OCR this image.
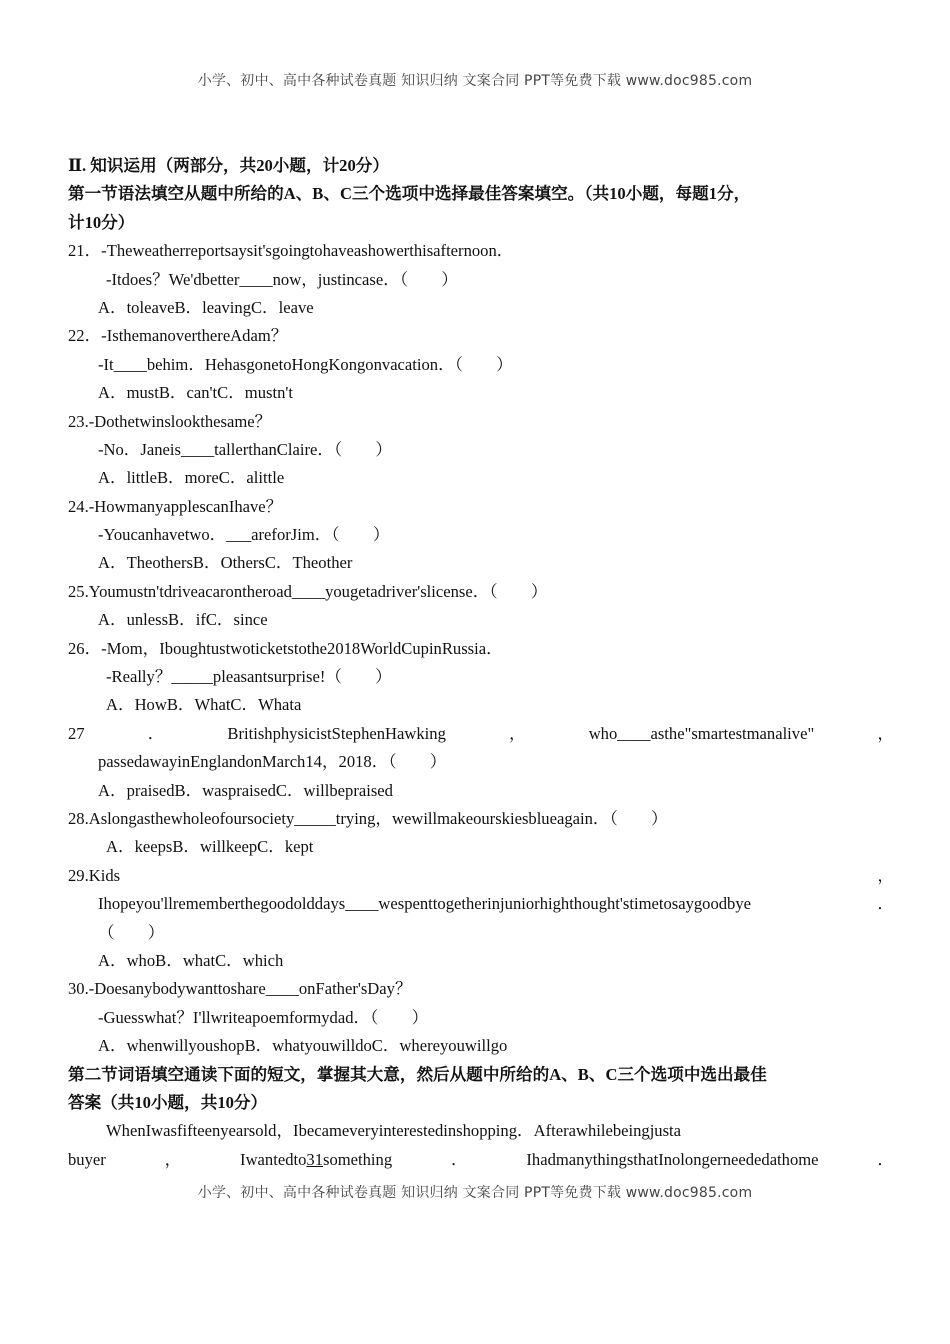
小学、初中、高中各种试卷真题 知识归纳 文案合同 PPT等免费下载 www.doc985.com
Ⅱ. 知识运用（两部分，共20小题，计20分）
第一节语法填空从题中所给的A、B、C三个选项中选择最佳答案填空。（共10小题，每题1分，
计10分）
21．-Theweatherreportsaysit'sgoingtohaveashowerthisafternoon．
-Itdoes？We'dbetter____now，justincase．（　　）
A．toleaveB．leavingC．leave
22．-IsthemanoverthereAdam？
-It____behim．HehasgonetoHongKongonvacation．（　　）
A．mustB．can'tC．mustn't
23.-Dothetwinslookthesame？
-No．Janeis____tallerthanClaire．（　　）
A．littleB．moreC．alittle
24.-HowmanyapplescanIhave？
-Youcanhavetwo．___areforJim．（　　）
A．TheothersB．OthersC．Theother
25.Youmustn'tdriveacarontheroad____yougetadriver'slicense．（　　）
A．unlessB．ifC．since
26．-Mom，Iboughtustwoticketstothe2018WorldCupinRussia．
-Really？_____pleasantsurprise!（　　）
A．HowB．WhatC．Whata
27	．	BritishphysicistStephenHawking	，	who____asthe"smartestmanalive"	，
passedawayinEnglandonMarch14，2018．（　　）
A．praisedB．waspraisedC．willbepraised
28.Aslongasthewholeofoursociety_____trying，wewillmakeourskiesblueagain．（　　）
A．keepsB．willkeepC．kept
29.Kids	，
Ihopeyou'llrememberthegoodolddays____wespenttogetherinjuniorhighthought'stimetosaygoodbye	．
（　　）
A．whoB．whatC．which
30.-Doesanybodywanttoshare____onFather'sDay？
-Guesswhat？I'llwriteapoemformydad．（　　）
A．whenwillyoushopB．whatyouwilldoC．whereyouwillgo
第二节词语填空通读下面的短文，掌握其大意，然后从题中所给的A、B、C三个选项中选出最佳
答案（共10小题，共10分）
WhenIwasfifteenyearsold，Ibecameveryinterestedinshopping．Afterawhilebeingjusta
buyer	，	Iwantedto31something	．	IhadmanythingsthatInolongerneededathome	．
小学、初中、高中各种试卷真题 知识归纳 文案合同 PPT等免费下载 www.doc985.com
